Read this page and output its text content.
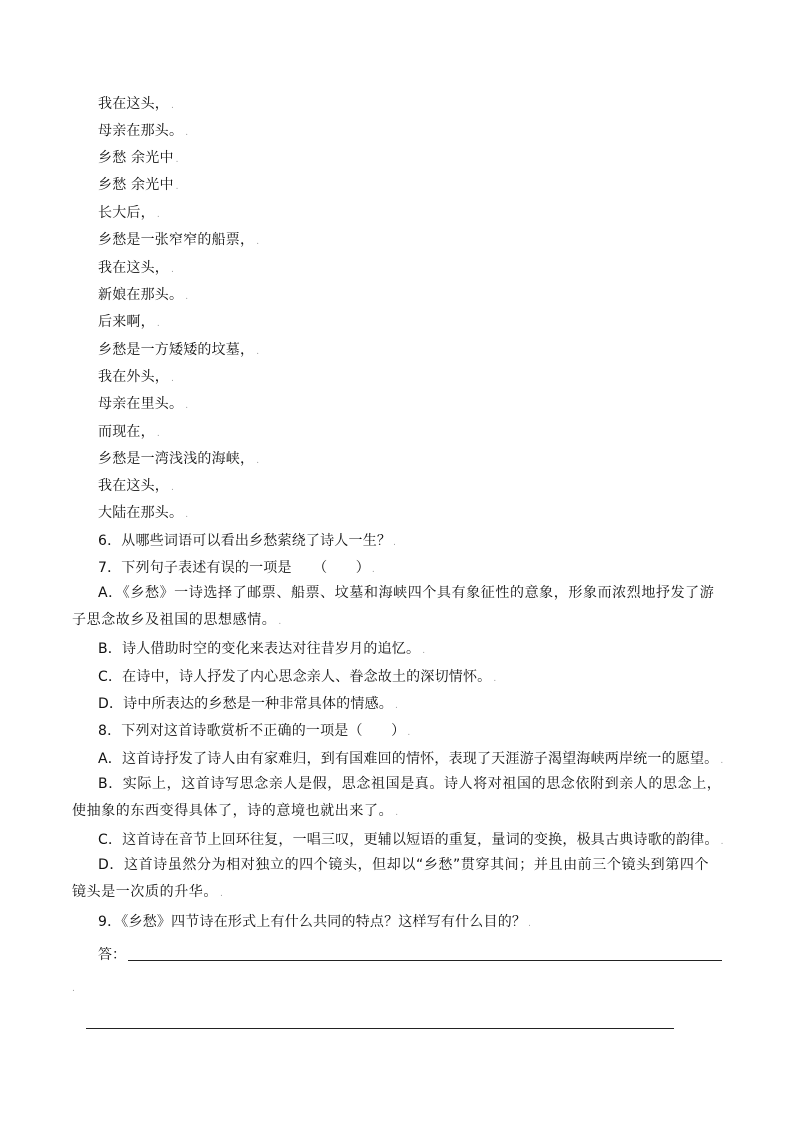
我在这头， .
母亲在那头。 .
乡愁 余光中 .
乡愁 余光中 .
长大后， .
乡愁是一张窄窄的船票， .
我在这头， .
新娘在那头。 .
后来啊， .
乡愁是一方矮矮的坟墓， .
我在外头， .
母亲在里头。 .
而现在， .
乡愁是一湾浅浅的海峡， .
我在这头， .
大陆在那头。 .
6．从哪些词语可以看出乡愁萦绕了诗人一生？ .
7．下列句子表述有误的一项是　　（　　） .
A．《乡愁》一诗选择了邮票、船票、坟墓和海峡四个具有象征性的意象，形象而浓烈地抒发了游子思念故乡及祖国的思想感情。 .
B．诗人借助时空的变化来表达对往昔岁月的追忆。 .
C．在诗中，诗人抒发了内心思念亲人、眷念故土的深切情怀。 .
D．诗中所表达的乡愁是一种非常具体的情感。 .
8．下列对这首诗歌赏析不正确的一项是（　　） .
A．这首诗抒发了诗人由有家难归，到有国难回的情怀，表现了天涯游子渴望海峡两岸统一的愿望。 .
B．实际上，这首诗写思念亲人是假，思念祖国是真。诗人将对祖国的思念依附到亲人的思念上，使抽象的东西变得具体了，诗的意境也就出来了。 .
C．这首诗在音节上回环往复，一唱三叹，更辅以短语的重复，量词的变换，极具古典诗歌的韵律。 .
D．这首诗虽然分为相对独立的四个镜头，但却以“乡愁”贯穿其间；并且由前三个镜头到第四个镜头是一次质的升华。 .
9．《乡愁》四节诗在形式上有什么共同的特点？这样写有什么目的？ .
答：
.
